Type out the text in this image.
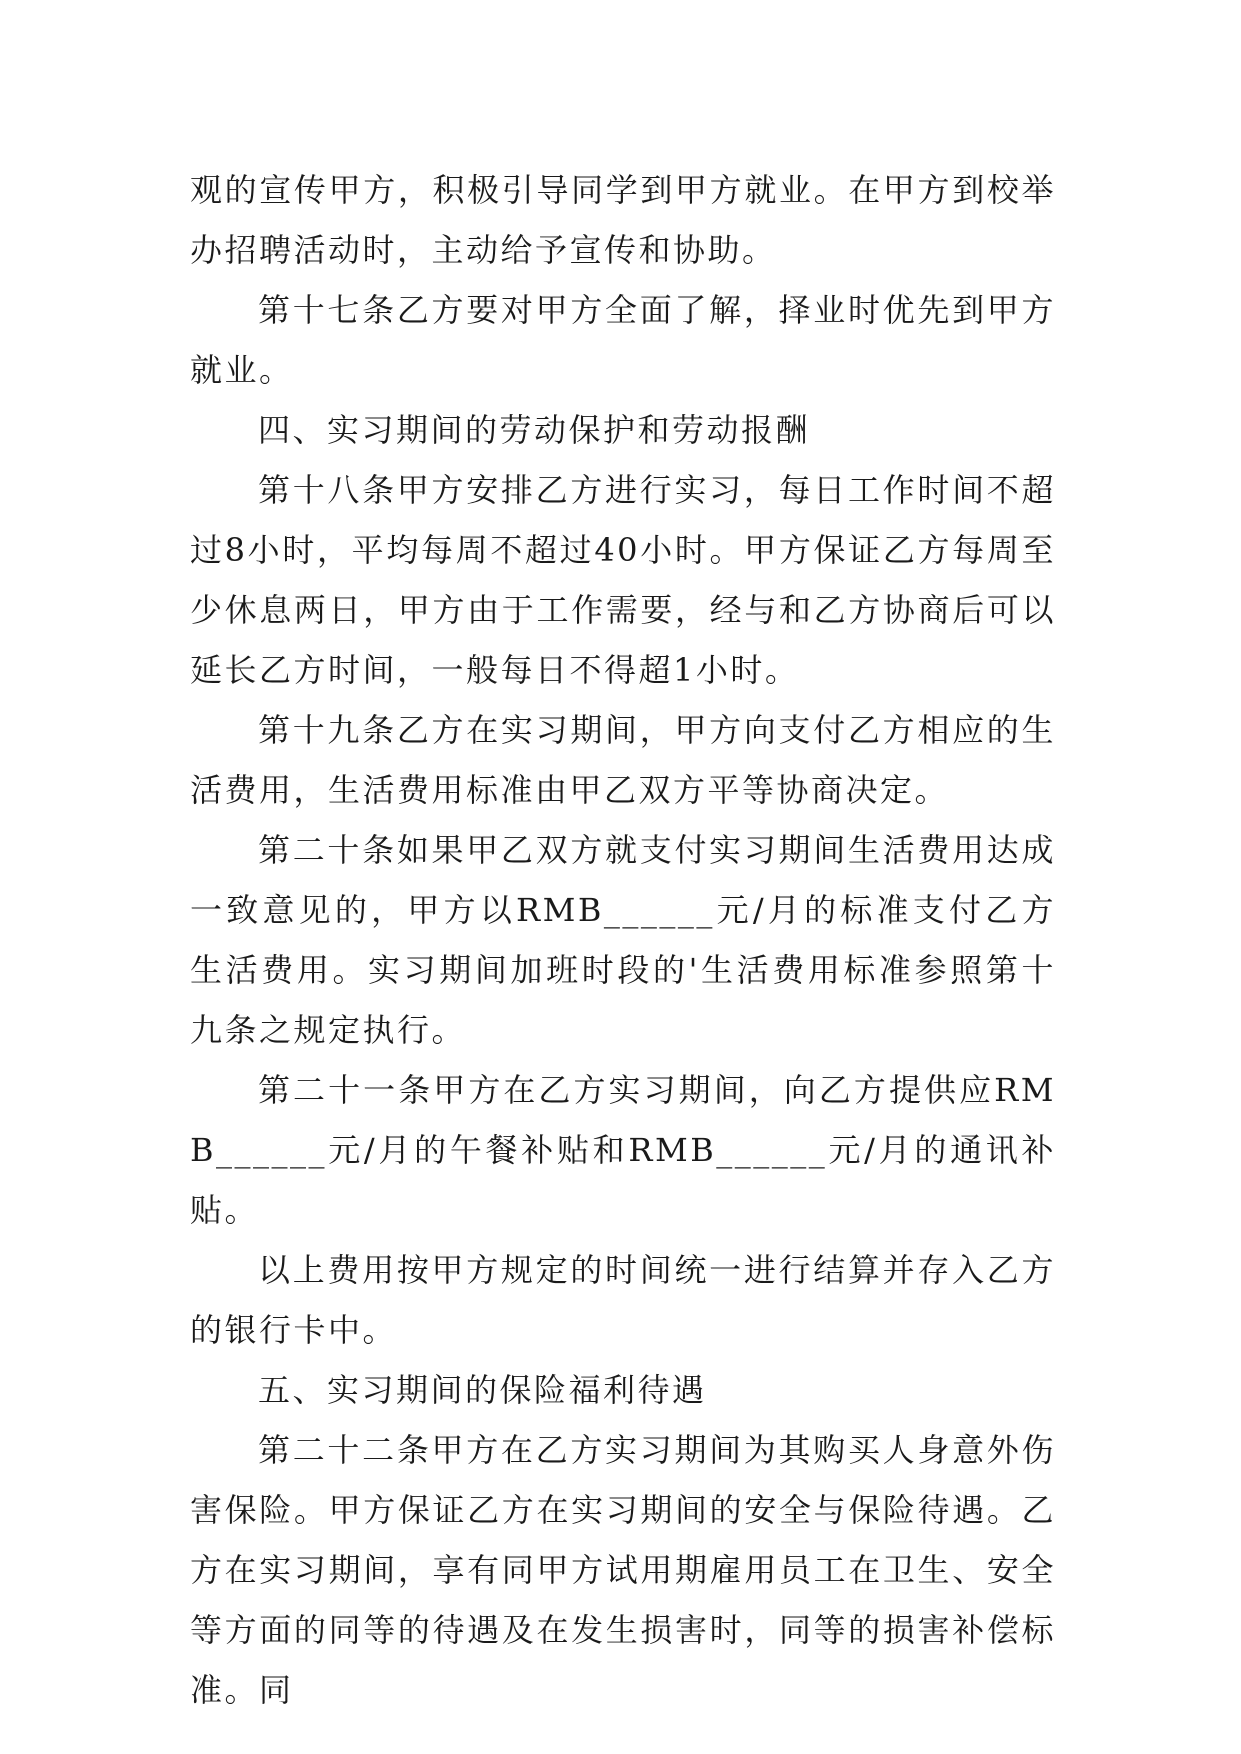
观的宣传甲方，积极引导同学到甲方就业。在甲方到校举办招聘活动时，主动给予宣传和协助。

第十七条乙方要对甲方全面了解，择业时优先到甲方就业。

四、实习期间的劳动保护和劳动报酬

第十八条甲方安排乙方进行实习，每日工作时间不超过8小时，平均每周不超过40小时。甲方保证乙方每周至少休息两日，甲方由于工作需要，经与和乙方协商后可以延长乙方时间，一般每日不得超1小时。

第十九条乙方在实习期间，甲方向支付乙方相应的生活费用，生活费用标准由甲乙双方平等协商决定。

第二十条如果甲乙双方就支付实习期间生活费用达成一致意见的，甲方以RMB______元/月的标准支付乙方生活费用。实习期间加班时段的'生活费用标准参照第十九条之规定执行。

第二十一条甲方在乙方实习期间，向乙方提供应RMB______元/月的午餐补贴和RMB______元/月的通讯补贴。

以上费用按甲方规定的时间统一进行结算并存入乙方的银行卡中。

五、实习期间的保险福利待遇

第二十二条甲方在乙方实习期间为其购买人身意外伤害保险。甲方保证乙方在实习期间的安全与保险待遇。乙方在实习期间，享有同甲方试用期雇用员工在卫生、安全等方面的同等的待遇及在发生损害时，同等的损害补偿标准。同
